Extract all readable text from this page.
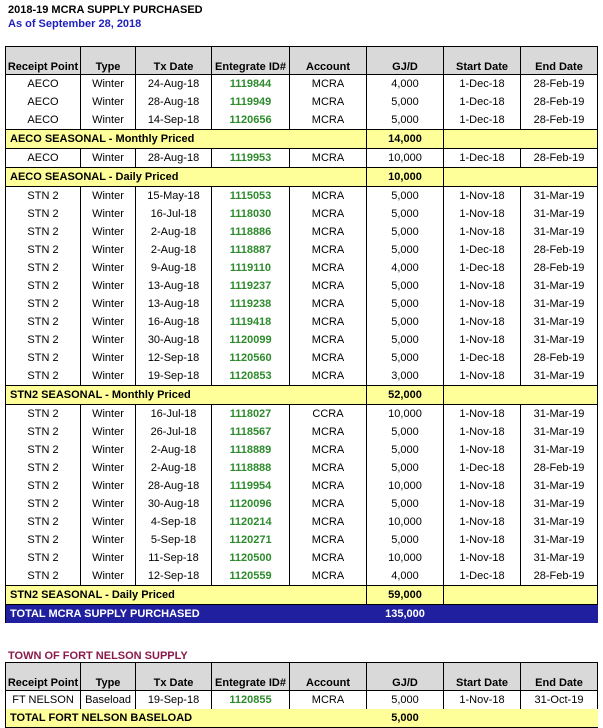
2018-19 MCRA SUPPLY PURCHASED
As of September 28, 2018
Receipt Point	Type	Tx Date	Entegrate ID#	Account	GJ/D	Start Date	End Date
AECO	Winter	24-Aug-18	1119844	MCRA	4,000	1-Dec-18	28-Feb-19
AECO	Winter	28-Aug-18	1119949	MCRA	5,000	1-Dec-18	28-Feb-19
AECO	Winter	14-Sep-18	1120656	MCRA	5,000	1-Dec-18	28-Feb-19
AECO SEASONAL - Monthly Priced					14,000		
AECO	Winter	28-Aug-18	1119953	MCRA	10,000	1-Dec-18	28-Feb-19
AECO SEASONAL - Daily Priced					10,000		
STN 2	Winter	15-May-18	1115053	MCRA	5,000	1-Nov-18	31-Mar-19
STN 2	Winter	16-Jul-18	1118030	MCRA	5,000	1-Nov-18	31-Mar-19
STN 2	Winter	2-Aug-18	1118886	MCRA	5,000	1-Nov-18	31-Mar-19
STN 2	Winter	2-Aug-18	1118887	MCRA	5,000	1-Dec-18	28-Feb-19
STN 2	Winter	9-Aug-18	1119110	MCRA	4,000	1-Dec-18	28-Feb-19
STN 2	Winter	13-Aug-18	1119237	MCRA	5,000	1-Nov-18	31-Mar-19
STN 2	Winter	13-Aug-18	1119238	MCRA	5,000	1-Nov-18	31-Mar-19
STN 2	Winter	16-Aug-18	1119418	MCRA	5,000	1-Nov-18	31-Mar-19
STN 2	Winter	30-Aug-18	1120099	MCRA	5,000	1-Nov-18	31-Mar-19
STN 2	Winter	12-Sep-18	1120560	MCRA	5,000	1-Dec-18	28-Feb-19
STN 2	Winter	19-Sep-18	1120853	MCRA	3,000	1-Nov-18	31-Mar-19
STN2 SEASONAL - Monthly Priced					52,000		
STN 2	Winter	16-Jul-18	1118027	CCRA	10,000	1-Nov-18	31-Mar-19
STN 2	Winter	26-Jul-18	1118567	MCRA	5,000	1-Nov-18	31-Mar-19
STN 2	Winter	2-Aug-18	1118889	MCRA	5,000	1-Nov-18	31-Mar-19
STN 2	Winter	2-Aug-18	1118888	MCRA	5,000	1-Dec-18	28-Feb-19
STN 2	Winter	28-Aug-18	1119954	MCRA	10,000	1-Nov-18	31-Mar-19
STN 2	Winter	30-Aug-18	1120096	MCRA	5,000	1-Nov-18	31-Mar-19
STN 2	Winter	4-Sep-18	1120214	MCRA	10,000	1-Nov-18	31-Mar-19
STN 2	Winter	5-Sep-18	1120271	MCRA	5,000	1-Nov-18	31-Mar-19
STN 2	Winter	11-Sep-18	1120500	MCRA	10,000	1-Nov-18	31-Mar-19
STN 2	Winter	12-Sep-18	1120559	MCRA	4,000	1-Dec-18	28-Feb-19
STN2 SEASONAL - Daily Priced					59,000		
TOTAL MCRA SUPPLY PURCHASED					135,000		
TOWN OF FORT NELSON SUPPLY
Receipt Point	Type	Tx Date	Entegrate ID#	Account	GJ/D	Start Date	End Date
FT NELSON	Baseload	19-Sep-18	1120855	MCRA	5,000	1-Nov-18	31-Oct-19
TOTAL FORT NELSON BASELOAD					5,000		
